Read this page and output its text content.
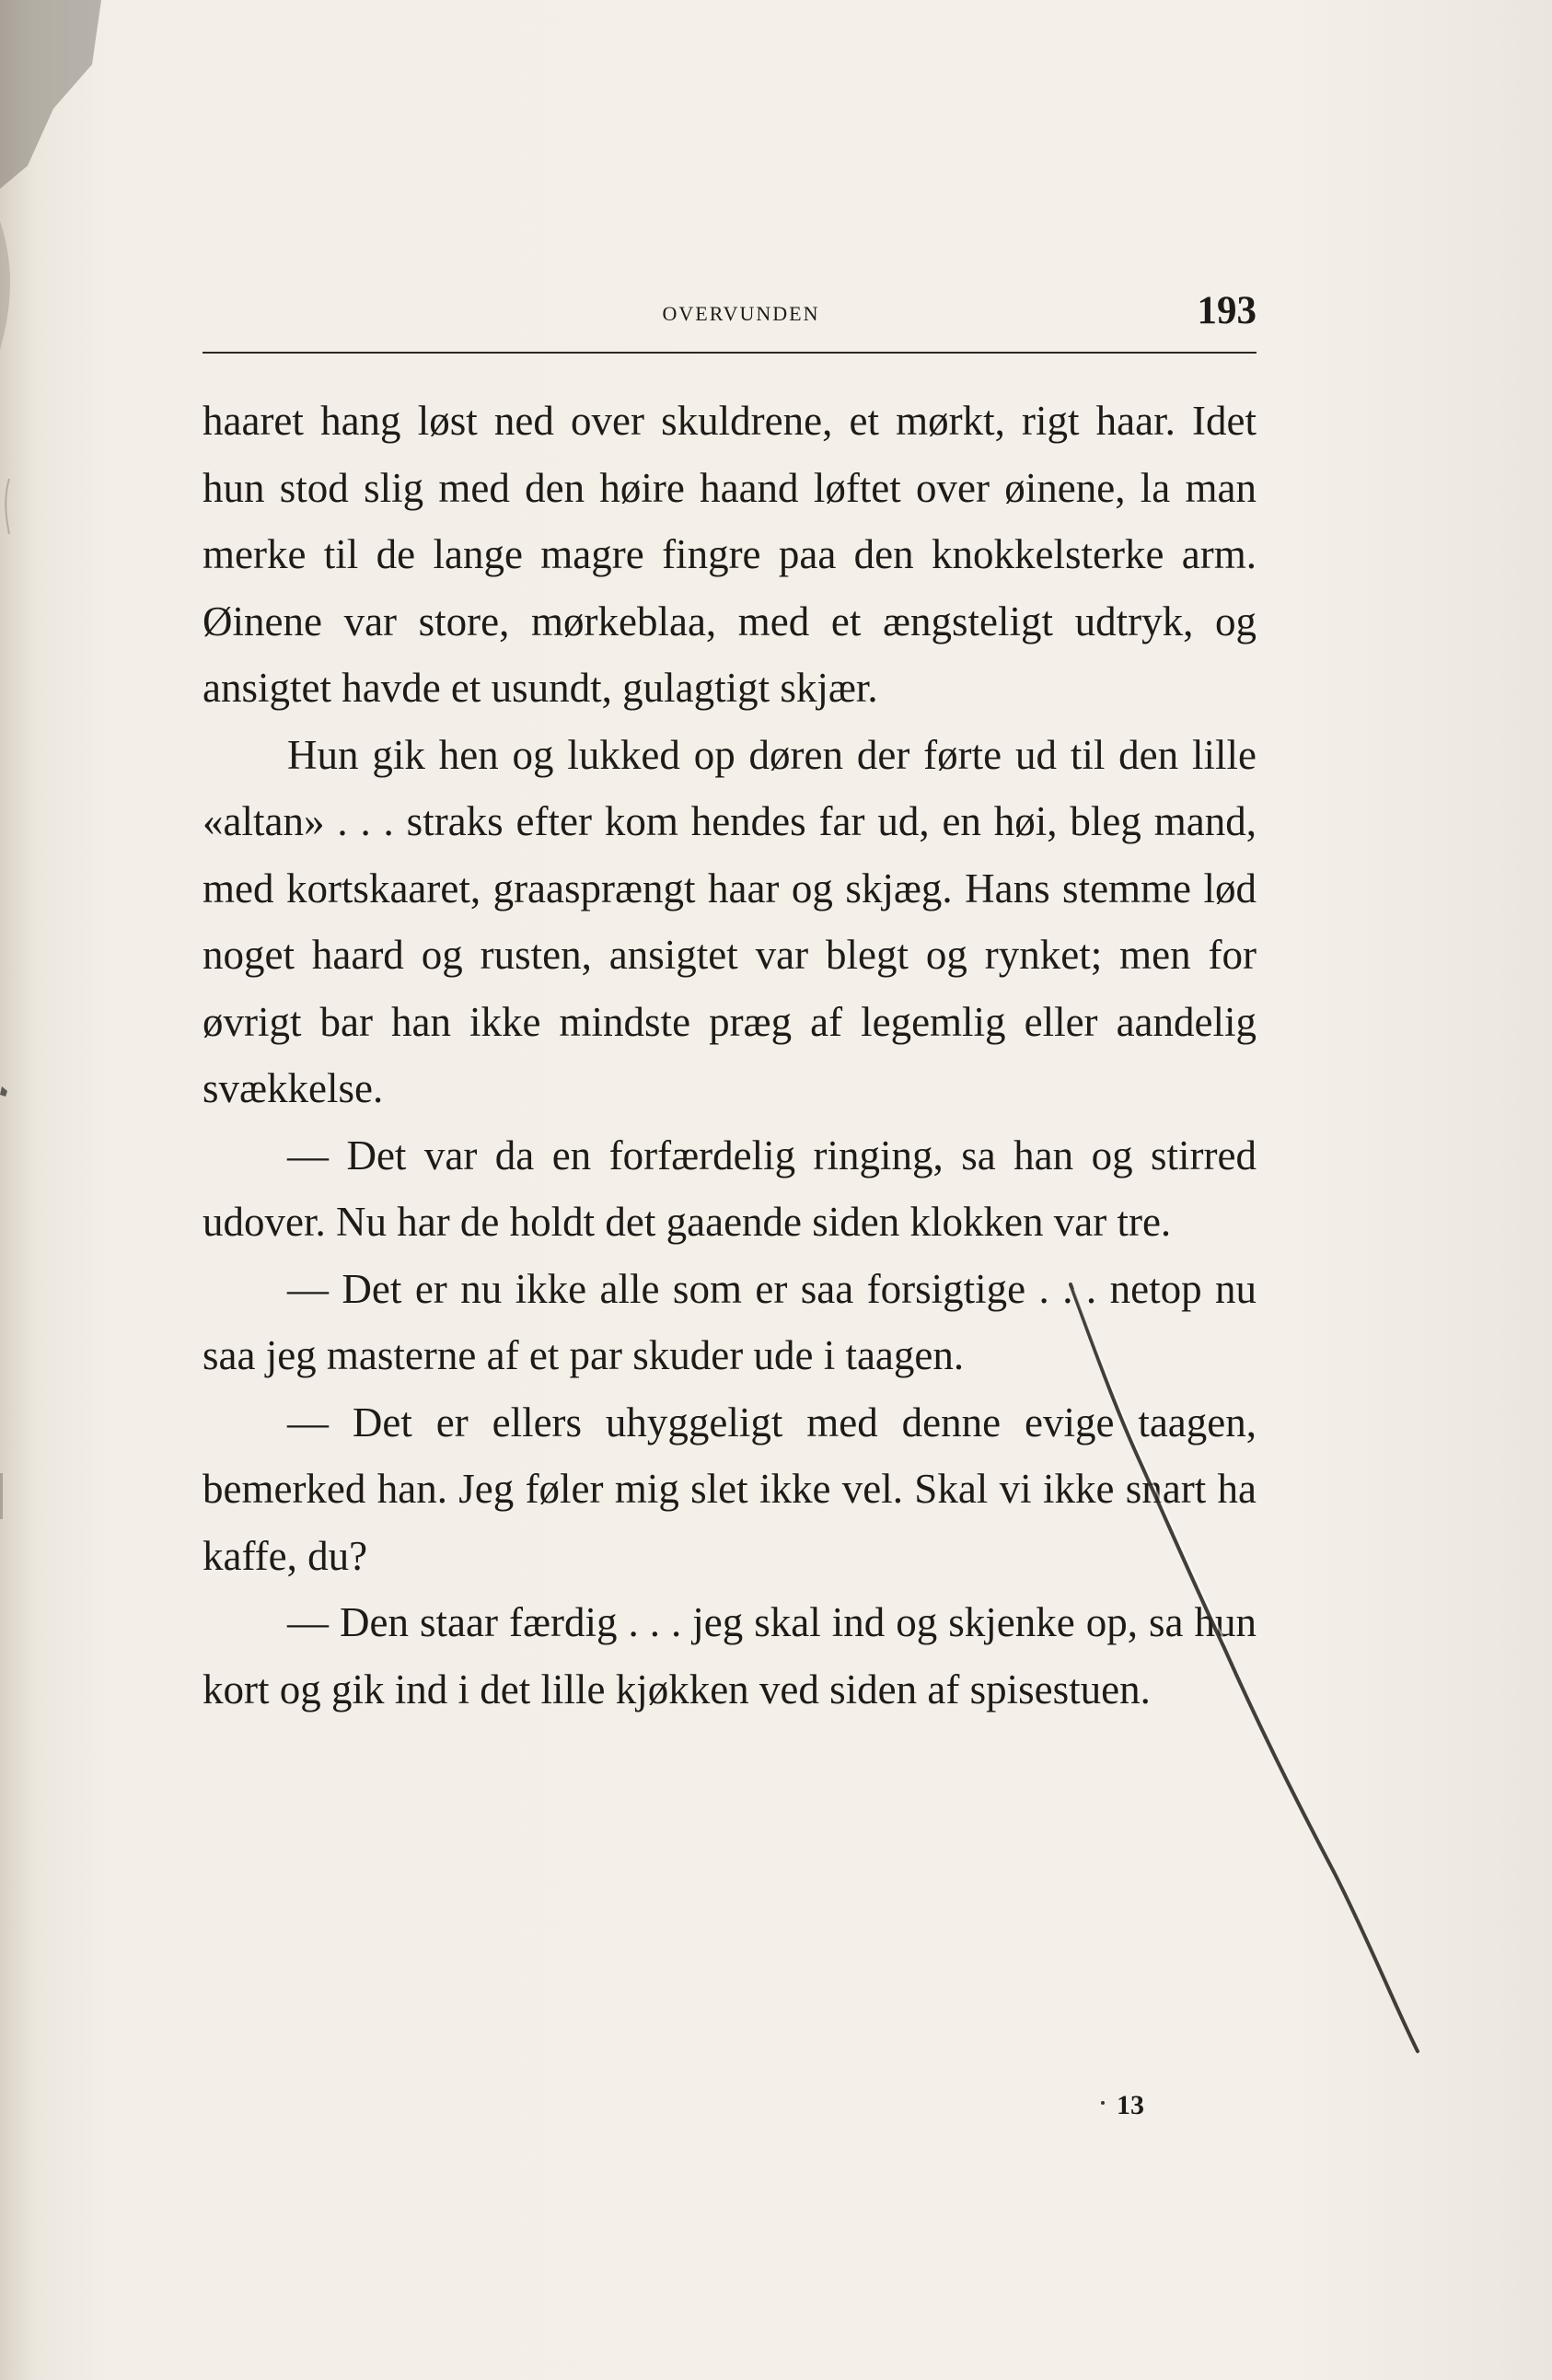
OVERVUNDEN	193

haaret hang løst ned over skuldrene, et mørkt, rigt haar. Idet hun stod slig med den høire haand løftet over øinene, la man merke til de lange magre fingre paa den knokkelsterke arm. Øinene var store, mørkeblaa, med et ængsteligt udtryk, og ansigtet havde et usundt, gulagtigt skjær.

Hun gik hen og lukked op døren der førte ud til den lille «altan» . . . straks efter kom hendes far ud, en høi, bleg mand, med kortskaaret, graasprængt haar og skjæg. Hans stemme lød noget haard og rusten, ansigtet var blegt og rynket; men for øvrigt bar han ikke mindste præg af legemlig eller aandelig svækkelse.

— Det var da en forfærdelig ringing, sa han og stirred udover. Nu har de holdt det gaaende siden klokken var tre.

— Det er nu ikke alle som er saa forsigtige . . . netop nu saa jeg masterne af et par skuder ude i taagen.

— Det er ellers uhyggeligt med denne evige taagen, bemerked han. Jeg føler mig slet ikke vel. Skal vi ikke snart ha kaffe, du?

— Den staar færdig . . . jeg skal ind og skjenke op, sa hun kort og gik ind i det lille kjøkken ved siden af spisestuen.

13
